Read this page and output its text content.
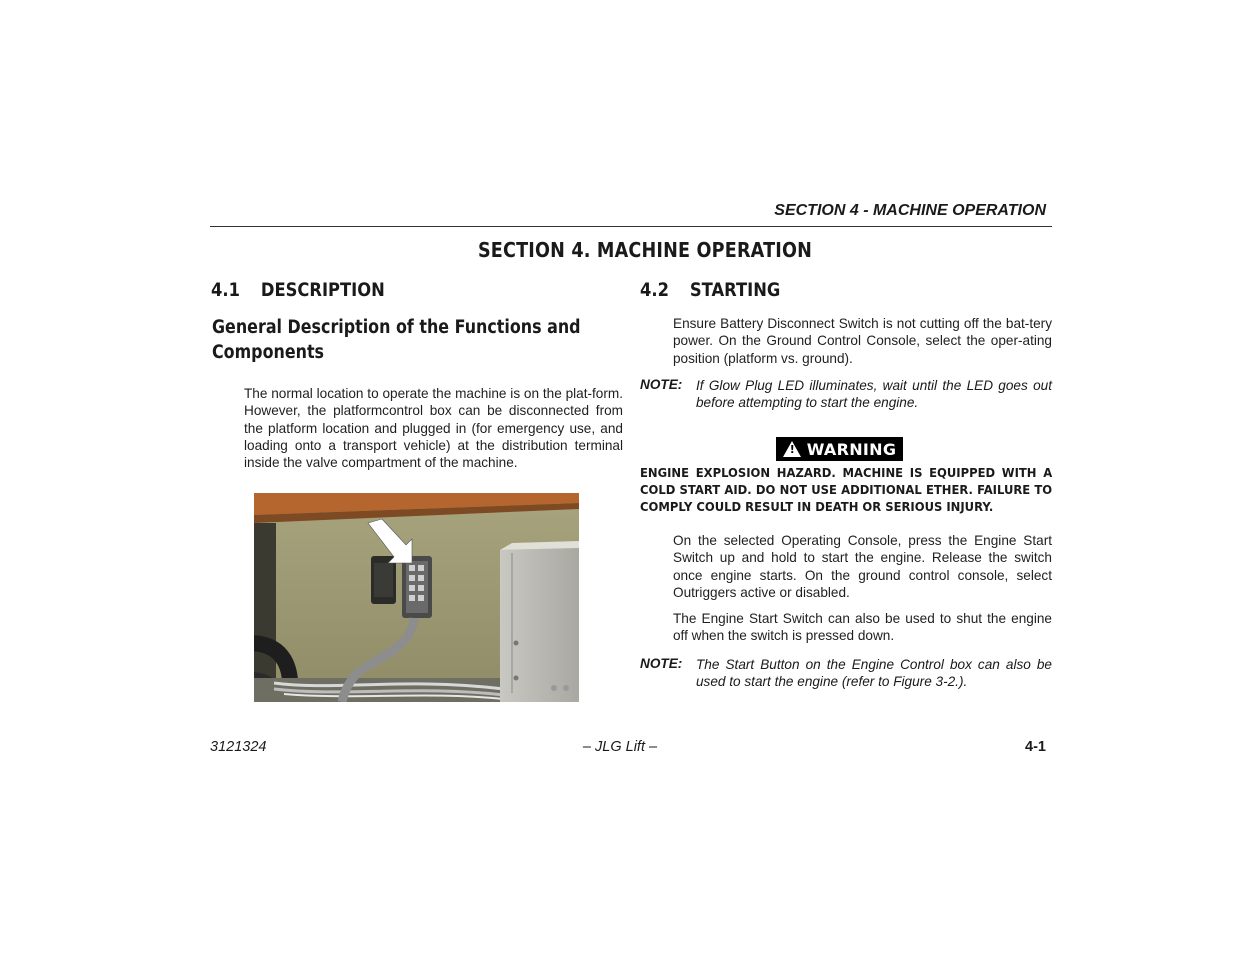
SECTION 4 - MACHINE OPERATION
SECTION 4. MACHINE OPERATION
4.1 DESCRIPTION
General Description of the Functions and Components
The normal location to operate the machine is on the plat-form. However, the platformcontrol box can be disconnected from the platform location and plugged in (for emergency use, and loading onto a transport vehicle) at the distribution terminal inside the valve compartment of the machine.
4.2 STARTING
Ensure Battery Disconnect Switch is not cutting off the bat-tery power. On the Ground Control Console, select the oper-ating position (platform vs. ground).
NOTE: If Glow Plug LED illuminates, wait until the LED goes out before attempting to start the engine.
! WARNING
ENGINE EXPLOSION HAZARD. MACHINE IS EQUIPPED WITH A COLD START AID. DO NOT USE ADDITIONAL ETHER. FAILURE TO COMPLY COULD RESULT IN DEATH OR SERIOUS INJURY.
On the selected Operating Console, press the Engine Start Switch up and hold to start the engine. Release the switch once engine starts. On the ground control console, select Outriggers active or disabled.
The Engine Start Switch can also be used to shut the engine off when the switch is pressed down.
NOTE: The Start Button on the Engine Control box can also be used to start the engine (refer to Figure 3-2.).
3121324	– JLG Lift –	4-1
